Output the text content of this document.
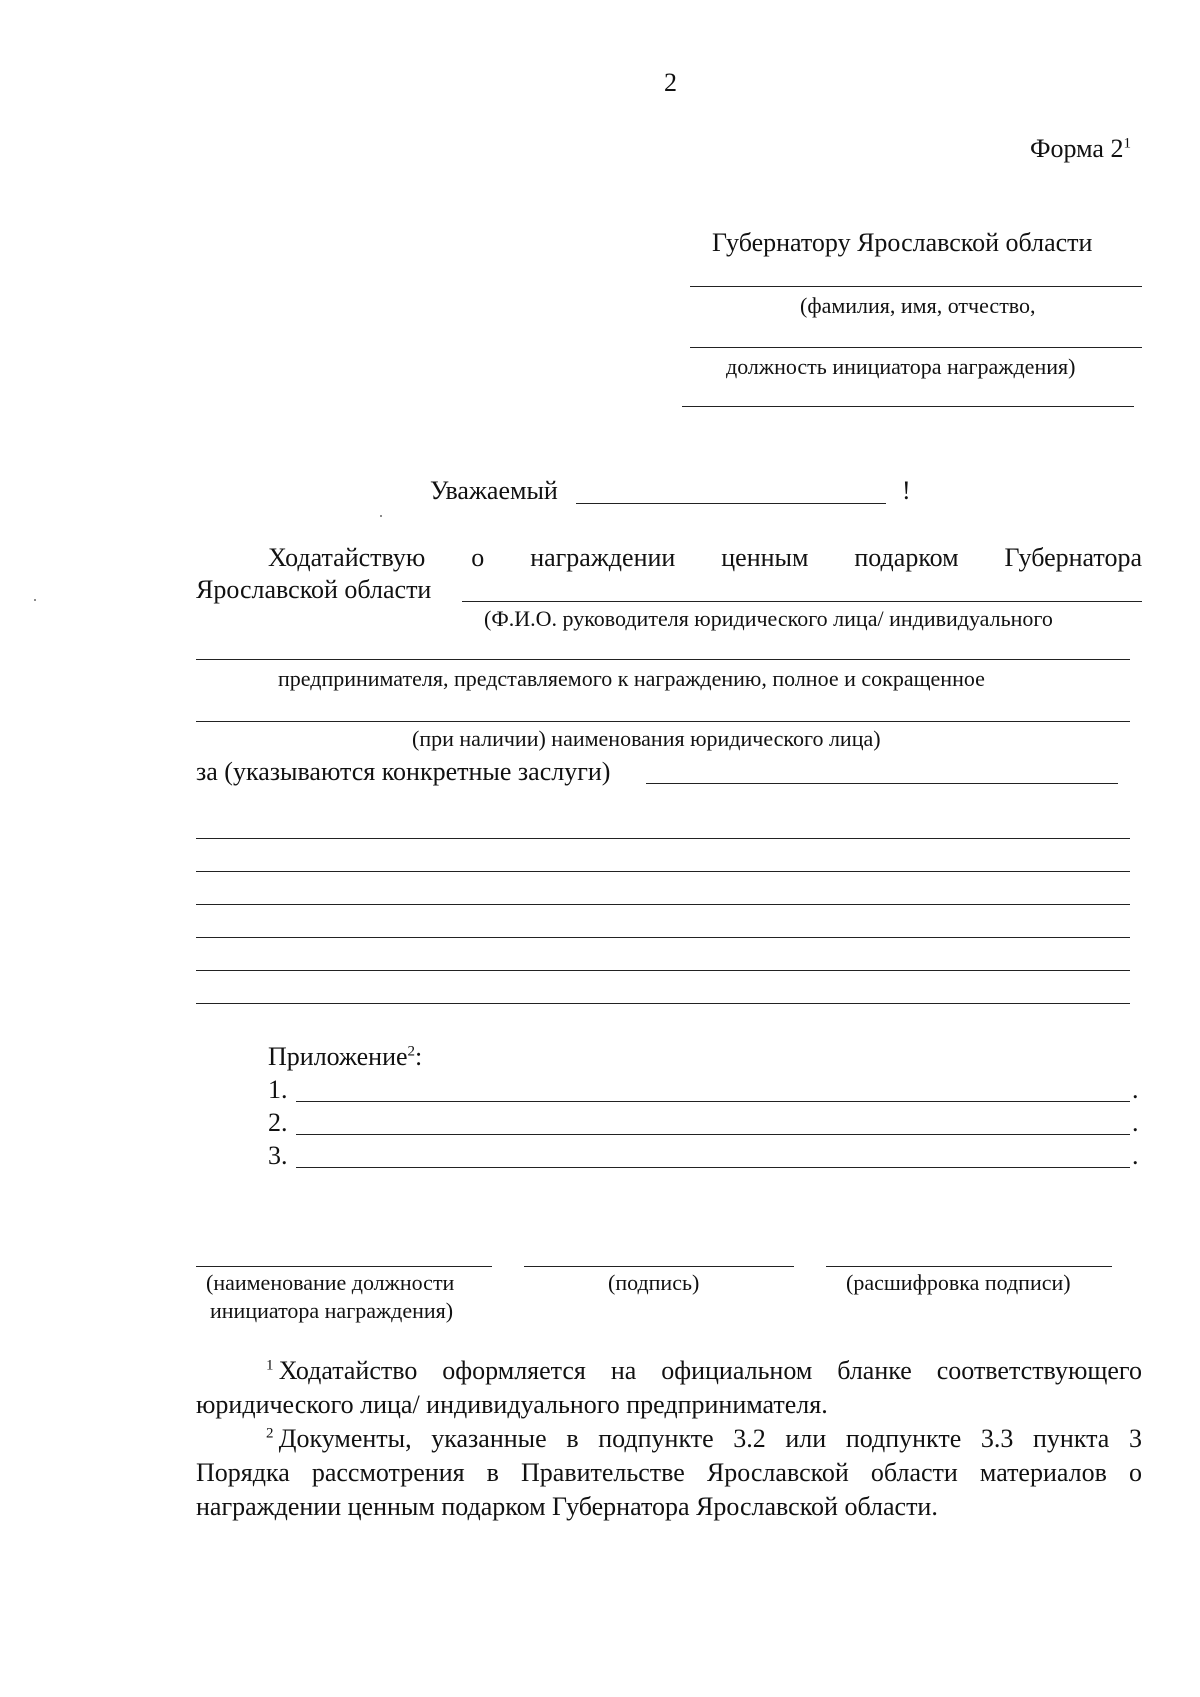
2
Форма $2^1$
Губернатору Ярославской области
(фамилия, имя, отчество,
должность инициатора награждения)
Уважаемый	!
Ходатайствую о награждении ценным подарком Губернатора
Ярославской области
(Ф.И.О. руководителя юридического лица/ индивидуального
предпринимателя, представляемого к награждению, полное и сокращенное
(при наличии) наименования юридического лица)
за (указываются конкретные заслуги)
Приложение$^2$:
1.	.
2.	.
3.	.
(наименование должности
инициатора награждения)
(подпись)	(расшифровка подписи)
$^1$  Ходатайство оформляется на официальном бланке соответствующего
юридического лица/ индивидуального предпринимателя.
$^2$  Документы, указанные в подпункте 3.2 или подпункте 3.3 пункта 3
Порядка рассмотрения в Правительстве Ярославской области материалов о
награждении ценным подарком Губернатора Ярославской области.
